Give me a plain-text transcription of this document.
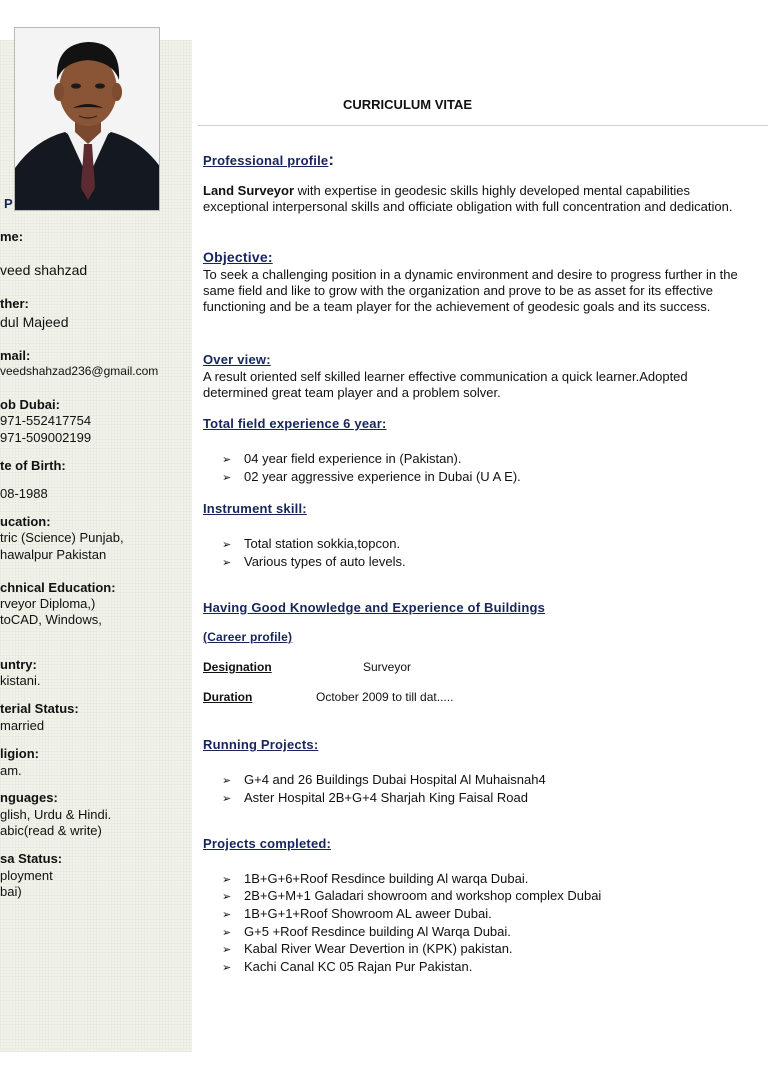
P
me:
veed shahzad
ther:
dul Majeed
mail:
veedshahzad236@gmail.com
ob Dubai:
971-552417754
971-509002199
te of Birth:
08-1988
ucation:
tric (Science) Punjab,
hawalpur Pakistan
chnical Education:
rveyor Diploma,)
toCAD, Windows,
untry:
kistani.
terial Status:
married
ligion:
am.
nguages:
glish, Urdu & Hindi.
abic(read & write)
sa Status:
ployment
bai)
CURRICULUM VITAE
Professional profile:
Land Surveyor with expertise in geodesic skills highly developed mental capabilities exceptional interpersonal skills and officiate obligation with full concentration and dedication.
Objective:
To seek a challenging position in a dynamic environment and desire to progress further in the same field and like to grow with the organization and prove to be as asset for its effective functioning and be a team player for the achievement of geodesic goals and its success.
Over view:
A result oriented self skilled learner effective communication a quick learner.Adopted determined great team player and a problem solver.
Total field experience 6 year:
➢ 04 year field experience in (Pakistan).
➢ 02 year aggressive experience in Dubai (U A E).
Instrument skill:
➢ Total station sokkia,topcon.
➢ Various types of auto levels.
Having Good Knowledge and Experience of Buildings
(Career profile)
Designation	Surveyor
Duration	October 2009 to till dat.....
Running Projects:
➢ G+4 and 26 Buildings Dubai Hospital Al Muhaisnah4
➢ Aster Hospital 2B+G+4 Sharjah King Faisal Road
Projects completed:
➢ 1B+G+6+Roof Resdince building Al warqa Dubai.
➢ 2B+G+M+1 Galadari showroom and workshop complex Dubai
➢ 1B+G+1+Roof Showroom AL aweer Dubai.
➢ G+5 +Roof Resdince building Al Warqa Dubai.
➢ Kabal River Wear Devertion in (KPK) pakistan.
➢ Kachi Canal KC 05 Rajan Pur Pakistan.
